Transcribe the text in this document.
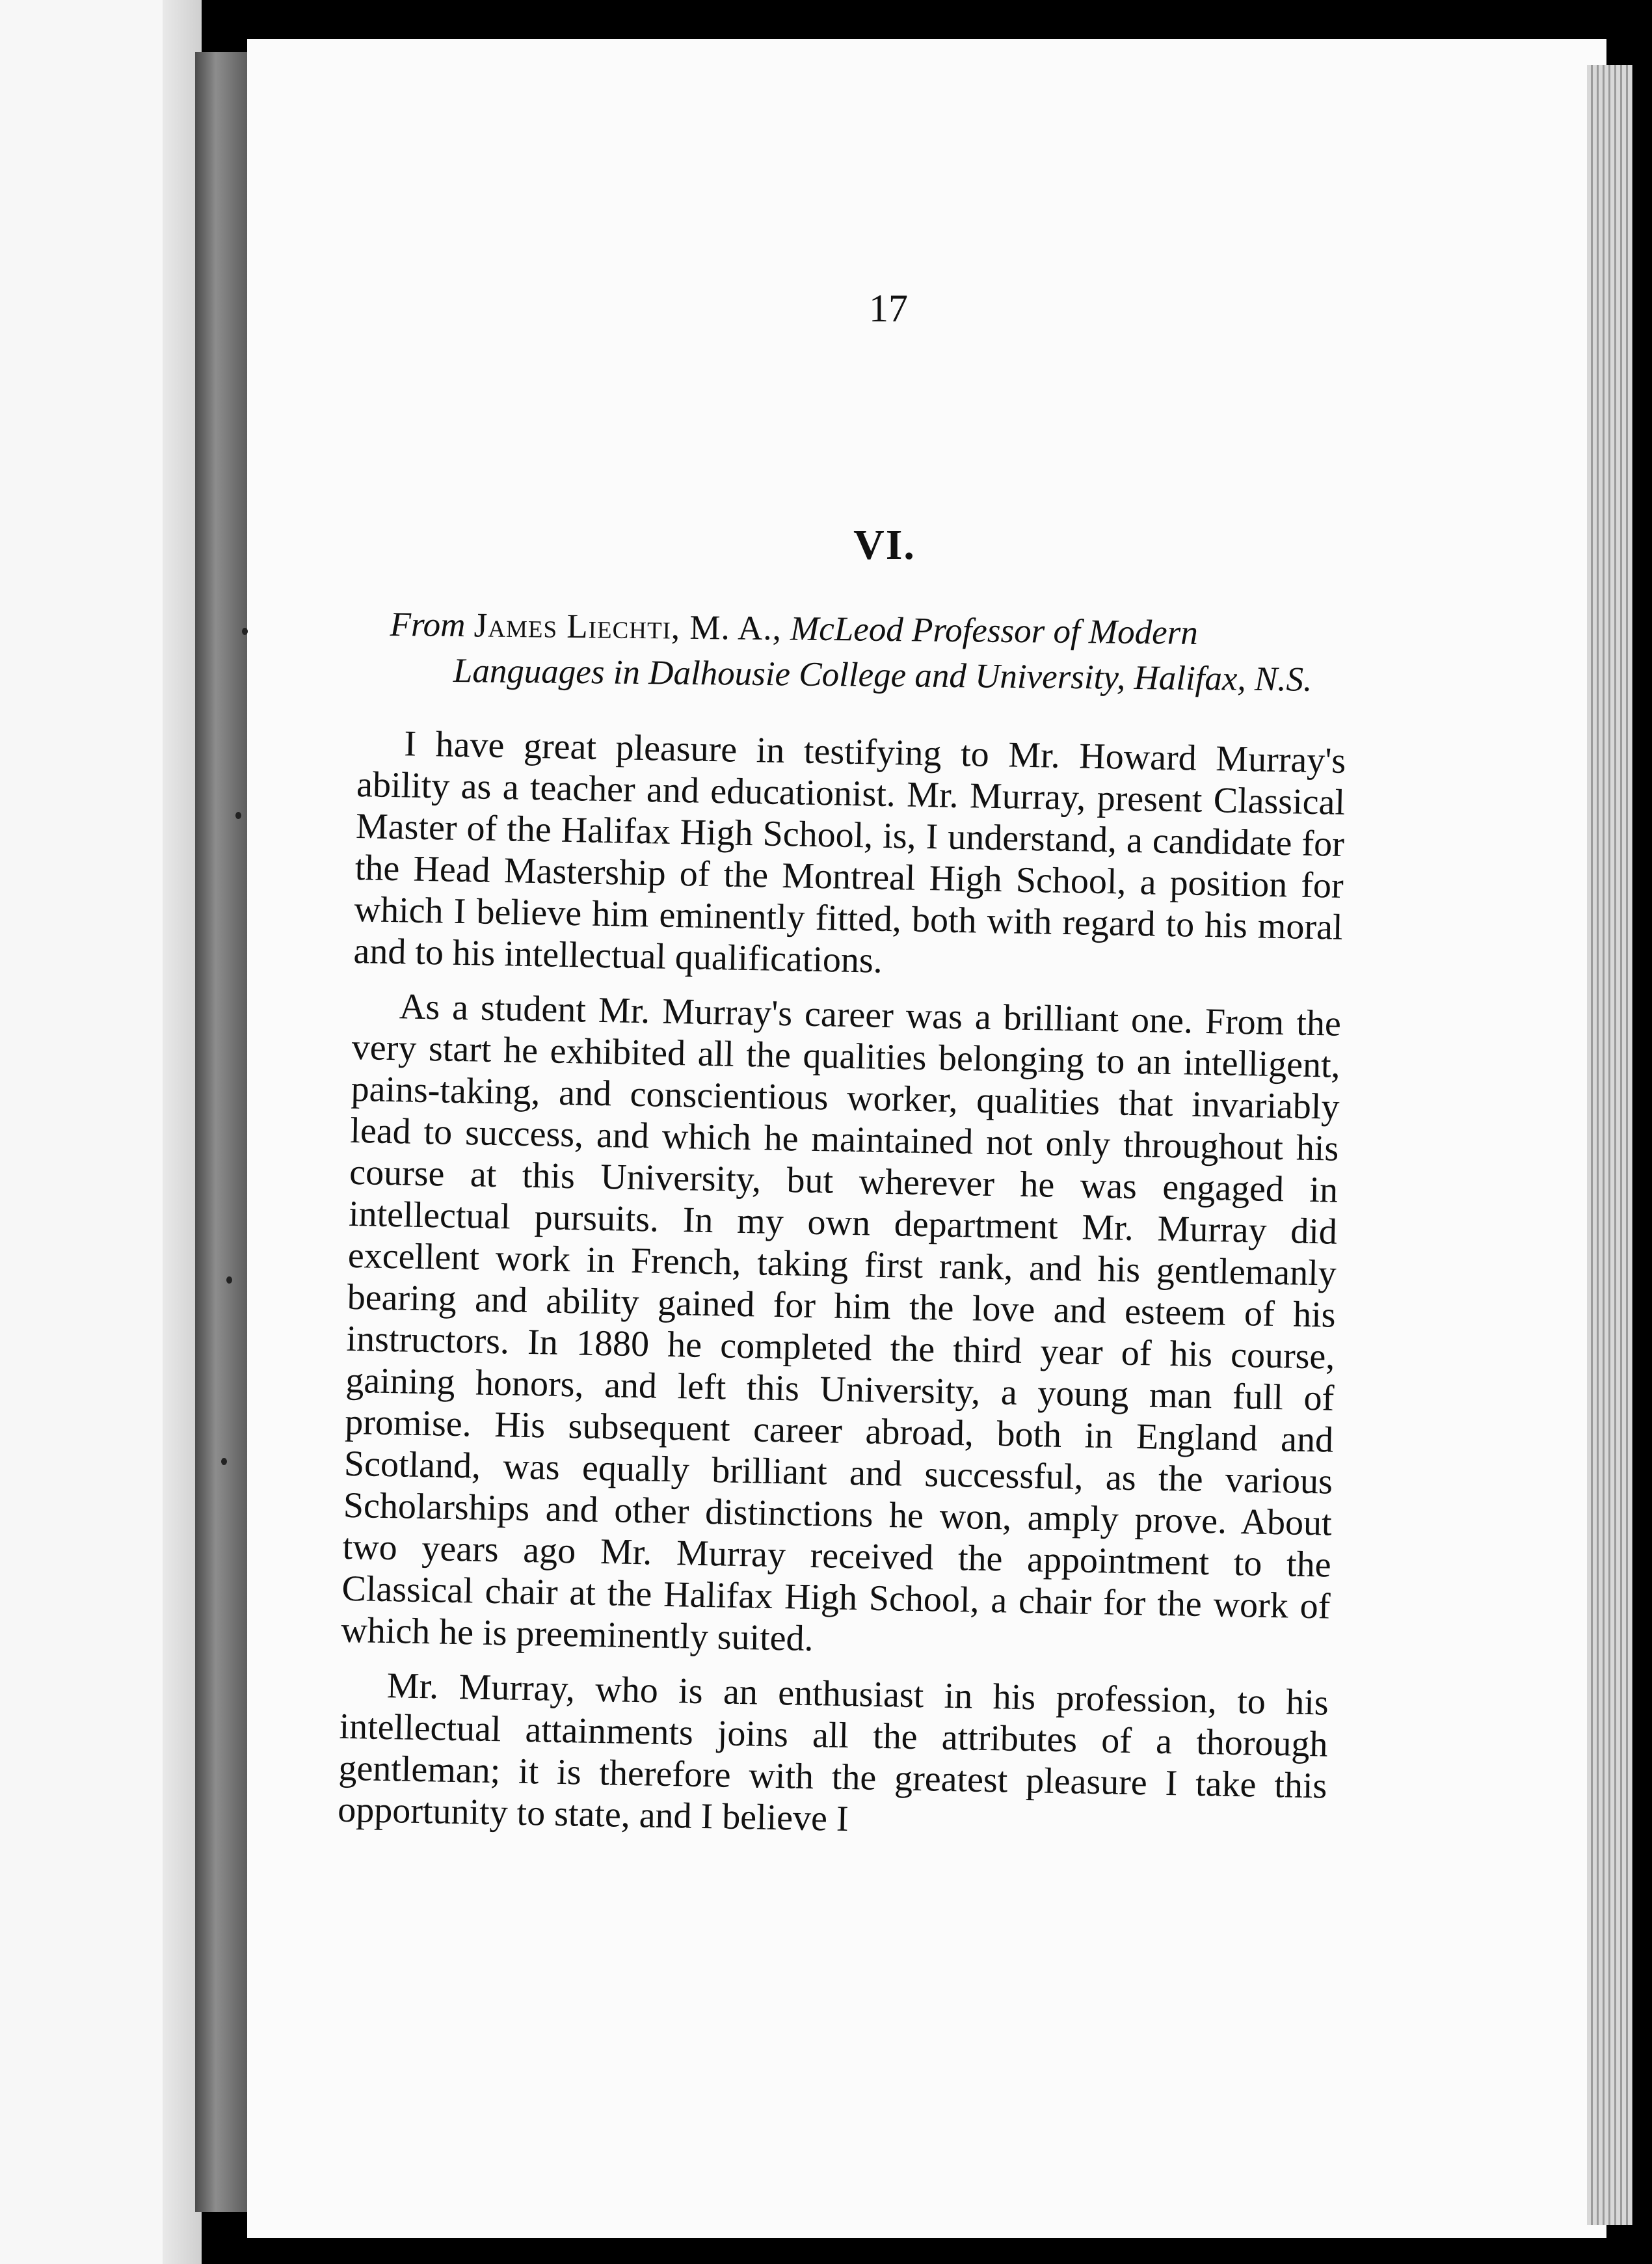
17
VI.
From James Liechti, M. A., McLeod Professor of Modern
Languages in Dalhousie College and University, Halifax, N.S.

I have great pleasure in testifying to Mr. Howard Murray's ability as a teacher and educationist. Mr. Murray, present Classical Master of the Halifax High School, is, I understand, a candidate for the Head Mastership of the Montreal High School, a position for which I believe him eminently fitted, both with regard to his moral and to his intellectual qualifications.

As a student Mr. Murray's career was a brilliant one. From the very start he exhibited all the qualities belonging to an intelligent, pains-taking, and conscientious worker, qualities that invariably lead to success, and which he maintained not only throughout his course at this University, but wherever he was engaged in intellectual pursuits. In my own department Mr. Murray did excellent work in French, taking first rank, and his gentlemanly bearing and ability gained for him the love and esteem of his instructors. In 1880 he completed the third year of his course, gaining honors, and left this University, a young man full of promise. His subsequent career abroad, both in England and Scotland, was equally brilliant and successful, as the various Scholarships and other distinctions he won, amply prove. About two years ago Mr. Murray received the appointment to the Classical chair at the Halifax High School, a chair for the work of which he is preeminently suited.

Mr. Murray, who is an enthusiast in his profession, to his intellectual attainments joins all the attributes of a thorough gentleman; it is therefore with the greatest pleasure I take this opportunity to state, and I believe I
